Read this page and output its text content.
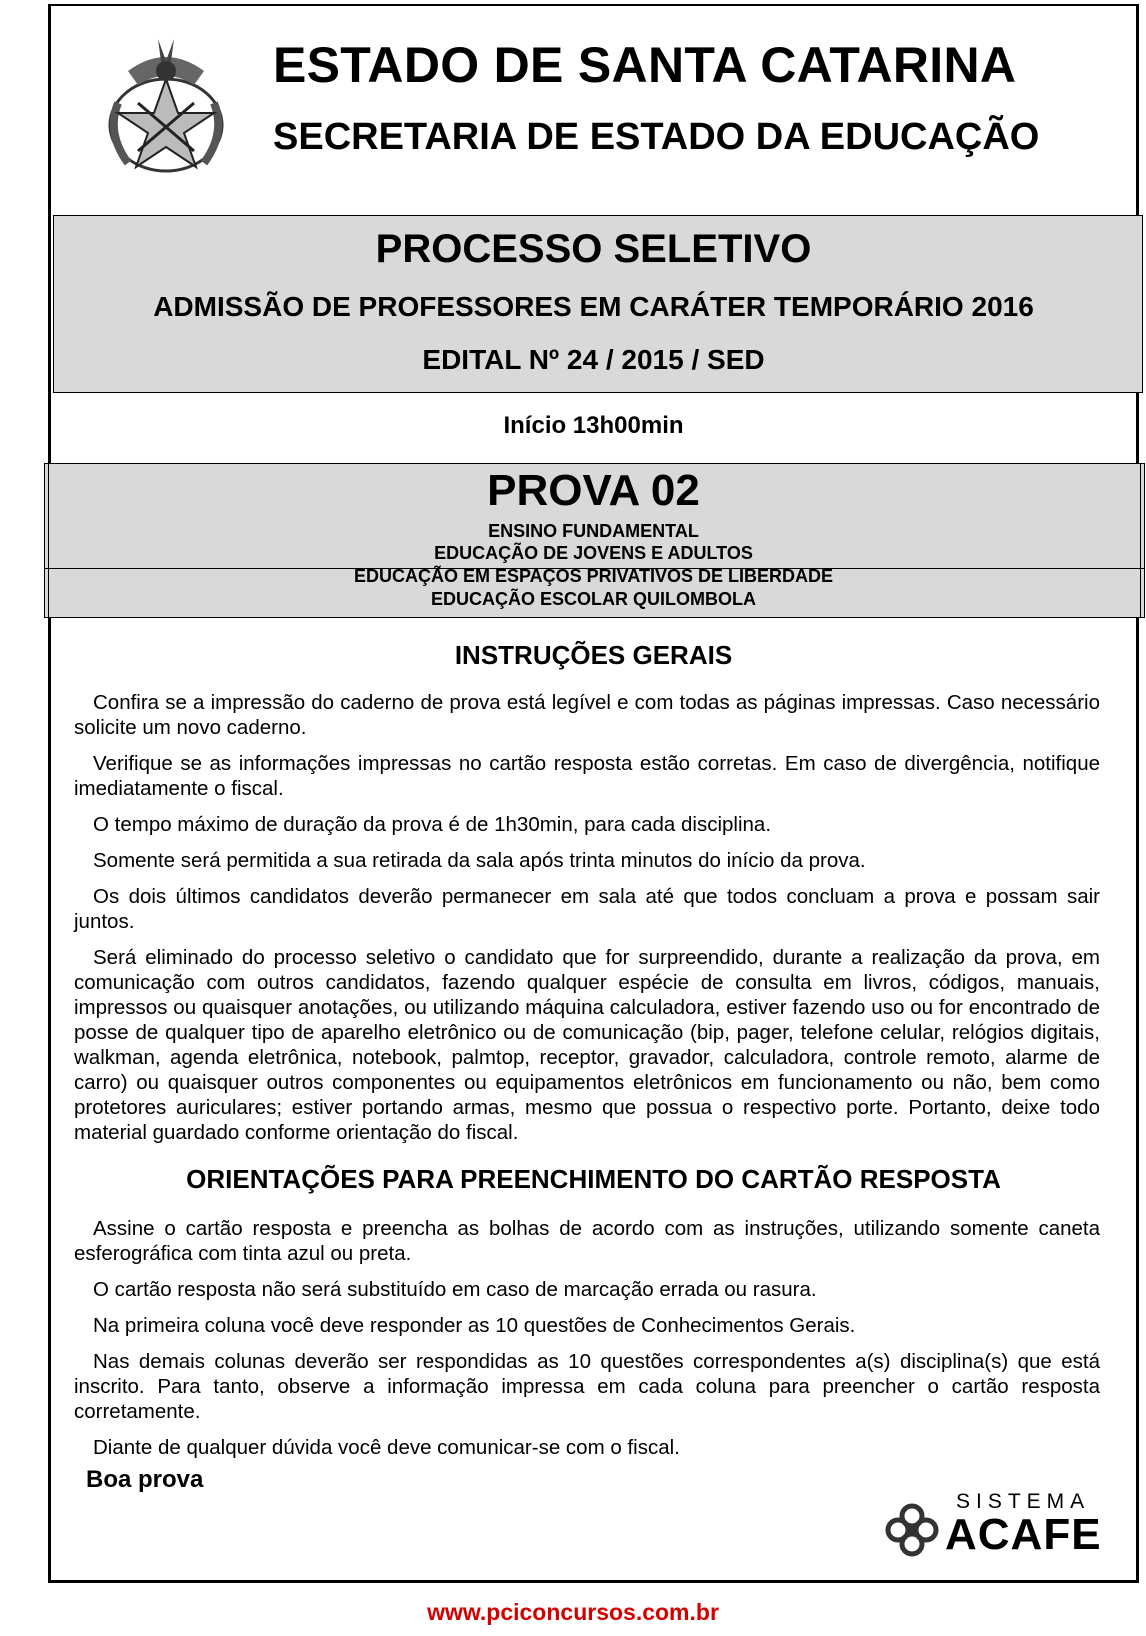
ESTADO DE SANTA CATARINA
SECRETARIA DE ESTADO DA EDUCAÇÃO
PROCESSO SELETIVO
ADMISSÃO DE PROFESSORES EM CARÁTER TEMPORÁRIO 2016
EDITAL Nº 24 / 2015 / SED
Início 13h00min
PROVA 02
ENSINO FUNDAMENTAL
EDUCAÇÃO DE JOVENS E ADULTOS
EDUCAÇÃO EM ESPAÇOS PRIVATIVOS DE LIBERDADE
EDUCAÇÃO ESCOLAR QUILOMBOLA
INSTRUÇÕES GERAIS
Confira se a impressão do caderno de prova está legível e com todas as páginas impressas. Caso necessário solicite um novo caderno.
Verifique se as informações impressas no cartão resposta estão corretas. Em caso de divergência, notifique imediatamente o fiscal.
O tempo máximo de duração da prova é de 1h30min, para cada disciplina.
Somente será permitida a sua retirada da sala após trinta minutos do início da prova.
Os dois últimos candidatos deverão permanecer em sala até que todos concluam a prova e possam sair juntos.
Será eliminado do processo seletivo o candidato que for surpreendido, durante a realização da prova, em comunicação com outros candidatos, fazendo qualquer espécie de consulta em livros, códigos, manuais, impressos ou quaisquer anotações, ou utilizando máquina calculadora, estiver fazendo uso ou for encontrado de posse de qualquer tipo de aparelho eletrônico ou de comunicação (bip, pager, telefone celular, relógios digitais, walkman, agenda eletrônica, notebook, palmtop, receptor, gravador, calculadora, controle remoto, alarme de carro) ou quaisquer outros componentes ou equipamentos eletrônicos em funcionamento ou não, bem como protetores auriculares; estiver portando armas, mesmo que possua o respectivo porte. Portanto, deixe todo material guardado conforme orientação do fiscal.
ORIENTAÇÕES PARA PREENCHIMENTO DO CARTÃO RESPOSTA
Assine o cartão resposta e preencha as bolhas de acordo com as instruções, utilizando somente caneta esferográfica com tinta azul ou preta.
O cartão resposta não será substituído em caso de marcação errada ou rasura.
Na primeira coluna você deve responder as 10 questões de Conhecimentos Gerais.
Nas demais colunas deverão ser respondidas as 10 questões correspondentes a(s) disciplina(s) que está inscrito. Para tanto, observe a informação impressa em cada coluna para preencher o cartão resposta corretamente.
Diante de qualquer dúvida você deve comunicar-se com o fiscal.
Boa prova
SISTEMA
ACAFE
www.pciconcursos.com.br
